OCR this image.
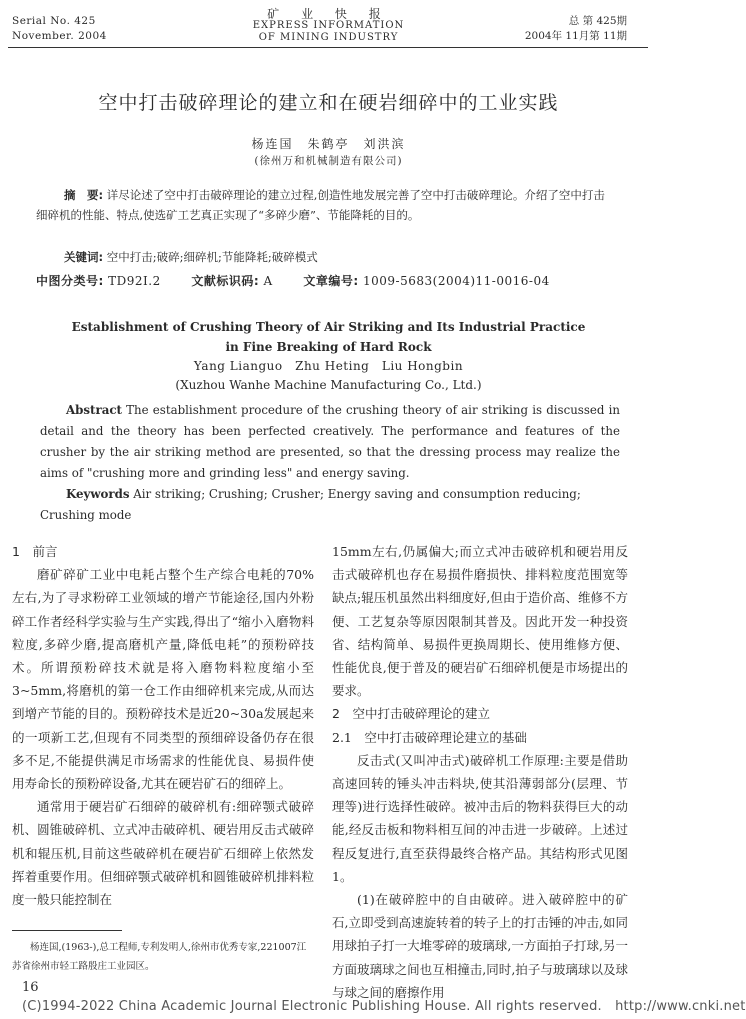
Serial No. 425
November. 2004
矿 业 快 报
EXPRESS INFORMATION
OF MINING INDUSTRY
总 第 425期
2004年 11月第 11期
空中打击破碎理论的建立和在硬岩细碎中的工业实践
杨连国　朱鹤亭　刘洪滨
(徐州万和机械制造有限公司)
摘　要: 详尽论述了空中打击破碎理论的建立过程,创造性地发展完善了空中打击破碎理论。介绍了空中打击细碎机的性能、特点,使选矿工艺真正实现了“多碎少磨”、节能降耗的目的。
关键词: 空中打击;破碎;细碎机;节能降耗;破碎模式
中图分类号: TD92Ⅰ.2	文献标识码: A	文章编号: 1009-5683(2004)11-0016-04
Establishment of Crushing Theory of Air Striking and Its Industrial Practice
in Fine Breaking of Hard Rock
Yang Lianguo　Zhu Heting　Liu Hongbin
(Xuzhou Wanhe Machine Manufacturing Co., Ltd.)
Abstract The establishment procedure of the crushing theory of air striking is discussed in detail and the theory has been perfected creatively. The performance and features of the crusher by the air striking method are presented, so that the dressing process may realize the aims of "crushing more and grinding less" and energy saving.
Keywords Air striking; Crushing; Crusher; Energy saving and consumption reducing; Crushing mode

1　前言

磨矿碎矿工业中电耗占整个生产综合电耗的70%左右,为了寻求粉碎工业领域的增产节能途径,国内外粉碎工作者经科学实验与生产实践,得出了“缩小入磨物料粒度,多碎少磨,提高磨机产量,降低电耗”的预粉碎技术。所谓预粉碎技术就是将入磨物料粒度缩小至3~5mm,将磨机的第一仓工作由细碎机来完成,从而达到增产节能的目的。预粉碎技术是近20~30a发展起来的一项新工艺,但现有不同类型的预细碎设备仍存在很多不足,不能提供满足市场需求的性能优良、易损件使用寿命长的预粉碎设备,尤其在硬岩矿石的细碎上。

通常用于硬岩矿石细碎的破碎机有:细碎颚式破碎机、圆锥破碎机、立式冲击破碎机、硬岩用反击式破碎机和辊压机,目前这些破碎机在硬岩矿石细碎上依然发挥着重要作用。但细碎颚式破碎机和圆锥破碎机排料粒度一般只能控制在

15mm左右,仍属偏大;而立式冲击破碎机和硬岩用反击式破碎机也存在易损件磨损快、排料粒度范围宽等缺点;辊压机虽然出料细度好,但由于造价高、维修不方便、工艺复杂等原因限制其普及。因此开发一种投资省、结构简单、易损件更换周期长、使用维修方便、性能优良,便于普及的硬岩矿石细碎机便是市场提出的要求。

2　空中打击破碎理论的建立

2.1　空中打击破碎理论建立的基础

反击式(又叫冲击式)破碎机工作原理:主要是借助高速回转的锤头冲击料块,使其沿薄弱部分(层理、节理等)进行选择性破碎。被冲击后的物料获得巨大的动能,经反击板和物料相互间的冲击进一步破碎。上述过程反复进行,直至获得最终合格产品。其结构形式见图1。

(1)在破碎腔中的自由破碎。进入破碎腔中的矿石,立即受到高速旋转着的转子上的打击锤的冲击,如同用球拍子打一大堆零碎的玻璃球,一方面拍子打球,另一方面玻璃球之间也互相撞击,同时,拍子与玻璃球以及球与球之间的磨擦作用

杨连国,(1963-),总工程师,专利发明人,徐州市优秀专家,221007江苏省徐州市轻工路殷庄工业园区。
16
(C)1994-2022 China Academic Journal Electronic Publishing House. All rights reserved.　http://www.cnki.net
